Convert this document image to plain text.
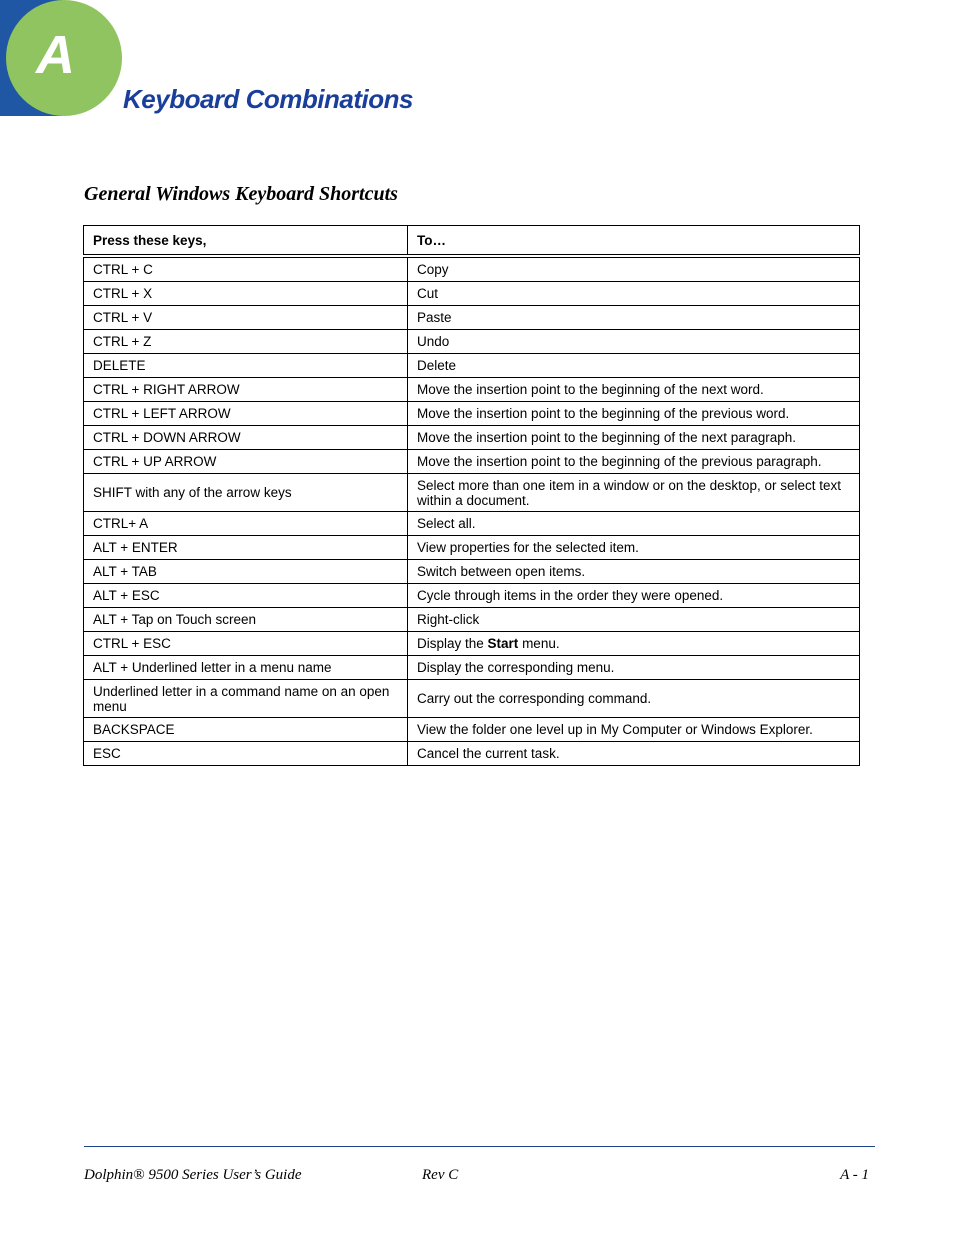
A
Keyboard Combinations
General Windows Keyboard Shortcuts
Press these keys,	To…
CTRL + C	Copy
CTRL + X	Cut
CTRL + V	Paste
CTRL + Z	Undo
DELETE	Delete
CTRL + RIGHT ARROW	Move the insertion point to the beginning of the next word.
CTRL + LEFT ARROW	Move the insertion point to the beginning of the previous word.
CTRL + DOWN ARROW	Move the insertion point to the beginning of the next paragraph.
CTRL + UP ARROW	Move the insertion point to the beginning of the previous paragraph.
SHIFT with any of the arrow keys	Select more than one item in a window or on the desktop, or select text within a document.
CTRL+ A	Select all.
ALT + ENTER	View properties for the selected item.
ALT + TAB	Switch between open items.
ALT + ESC	Cycle through items in the order they were opened.
ALT + Tap on Touch screen	Right-click
CTRL + ESC	Display the Start menu.
ALT + Underlined letter in a menu name	Display the corresponding menu.
Underlined letter in a command name on an open menu	Carry out the corresponding command.
BACKSPACE	View the folder one level up in My Computer or Windows Explorer.
ESC	Cancel the current task.
Dolphin® 9500 Series User’s Guide	Rev C	A - 1
